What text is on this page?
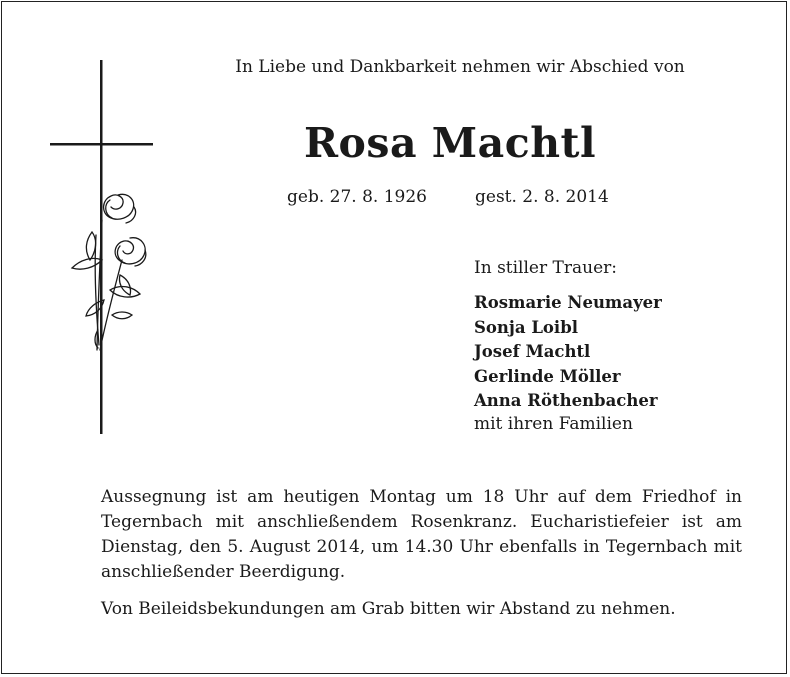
In Liebe und Dankbarkeit nehmen wir Abschied von
Rosa Machtl
geb. 27. 8. 1926	gest. 2. 8. 2014
In stiller Trauer:
Rosmarie Neumayer
Sonja Loibl
Josef Machtl
Gerlinde Möller
Anna Röthenbacher
mit ihren Familien
Aussegnung ist am heutigen Montag um 18 Uhr auf dem Friedhof in Tegernbach mit anschließendem Rosenkranz. Eucharistiefeier ist am Dienstag, den 5. August 2014, um 14.30 Uhr ebenfalls in Tegernbach mit anschließender Beerdigung.
Von Beileidsbekundungen am Grab bitten wir Abstand zu nehmen.
